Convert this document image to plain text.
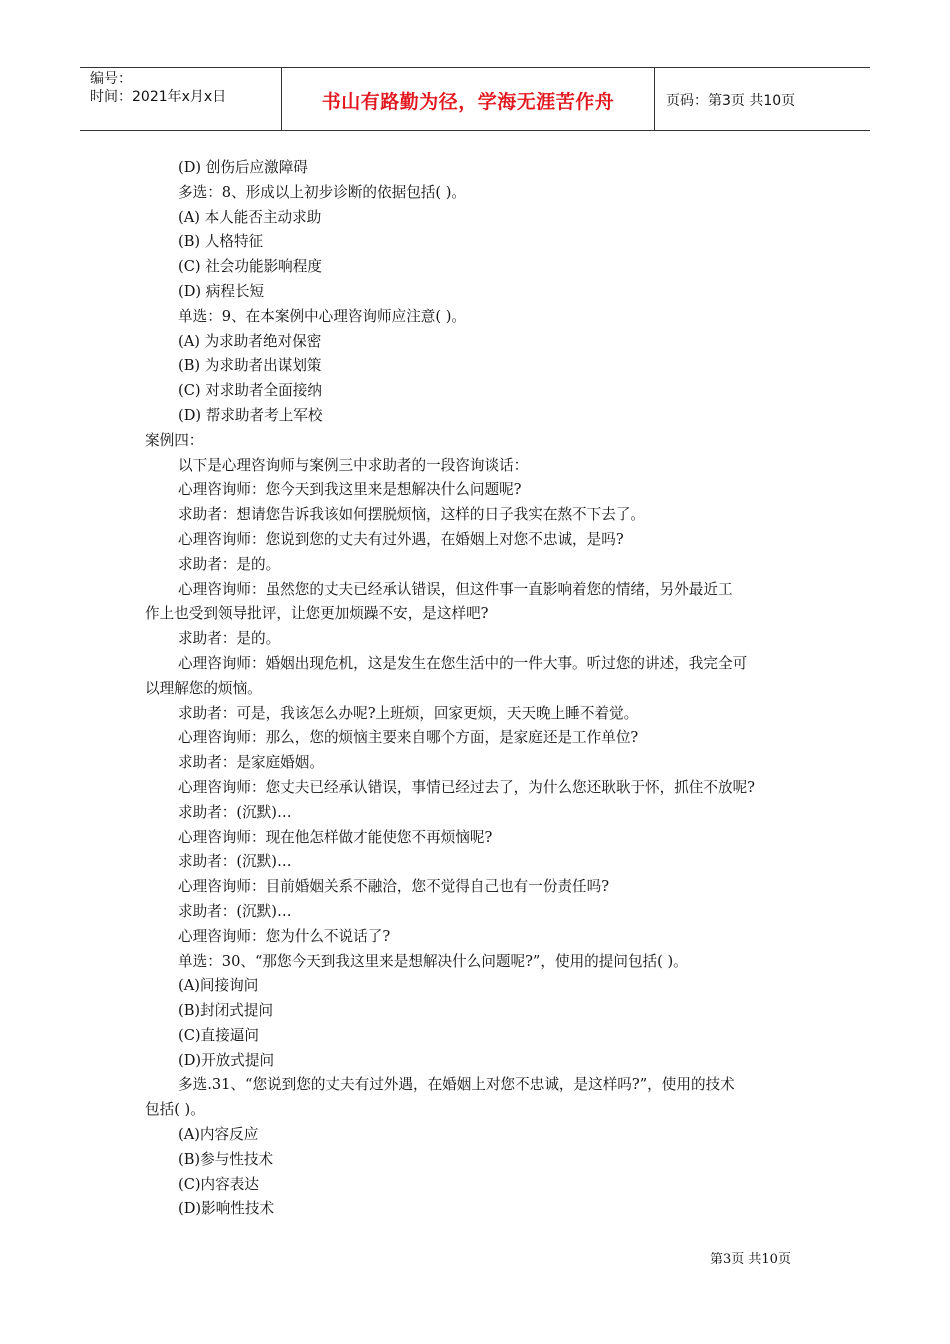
编号：
时间：2021年x月x日	书山有路勤为径，学海无涯苦作舟	页码：第3页 共10页
(D) 创伤后应激障碍
多选：8、形成以上初步诊断的依据包括( )。
(A) 本人能否主动求助
(B) 人格特征
(C) 社会功能影响程度
(D) 病程长短
单选：9、在本案例中心理咨询师应注意( )。
(A) 为求助者绝对保密
(B) 为求助者出谋划策
(C) 对求助者全面接纳
(D) 帮求助者考上军校
案例四：
以下是心理咨询师与案例三中求助者的一段咨询谈话：
心理咨询师：您今天到我这里来是想解决什么问题呢?
求助者：想请您告诉我该如何摆脱烦恼，这样的日子我实在熬不下去了。
心理咨询师：您说到您的丈夫有过外遇，在婚姻上对您不忠诚，是吗?
求助者：是的。
心理咨询师：虽然您的丈夫已经承认错误，但这件事一直影响着您的情绪，另外最近工
作上也受到领导批评，让您更加烦躁不安，是这样吧?
求助者：是的。
心理咨询师：婚姻出现危机，这是发生在您生活中的一件大事。听过您的讲述，我完全可
以理解您的烦恼。
求助者：可是，我该怎么办呢?上班烦，回家更烦，天天晚上睡不着觉。
心理咨询师：那么，您的烦恼主要来自哪个方面，是家庭还是工作单位?
求助者：是家庭婚姻。
心理咨询师：您丈夫已经承认错误，事情已经过去了，为什么您还耿耿于怀，抓住不放呢?
求助者：(沉默)…
心理咨询师：现在他怎样做才能使您不再烦恼呢?
求助者：(沉默)…
心理咨询师：目前婚姻关系不融洽，您不觉得自己也有一份责任吗?
求助者：(沉默)…
心理咨询师：您为什么不说话了?
单选：30、“那您今天到我这里来是想解决什么问题呢?”，使用的提问包括( )。
(A)间接询问
(B)封闭式提问
(C)直接逼问
(D)开放式提问
多选.31、“您说到您的丈夫有过外遇，在婚姻上对您不忠诚，是这样吗?”，使用的技术
包括( )。
(A)内容反应
(B)参与性技术
(C)内容表达
(D)影响性技术
第3页 共10页
